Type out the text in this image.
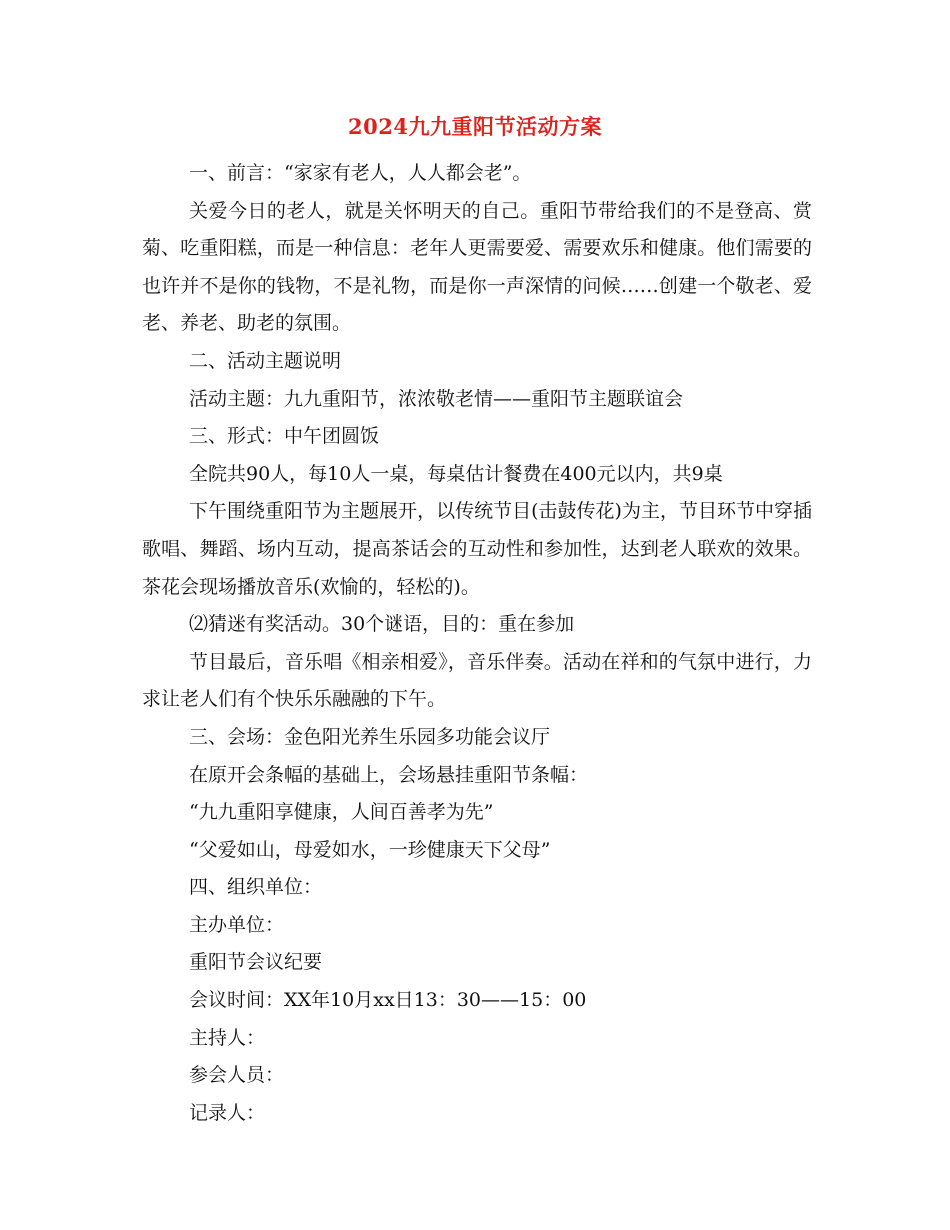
2024九九重阳节活动方案

一、前言：“家家有老人，人人都会老”。

关爱今日的老人，就是关怀明天的自己。重阳节带给我们的不是登高、赏菊、吃重阳糕，而是一种信息：老年人更需要爱、需要欢乐和健康。他们需要的也许并不是你的钱物，不是礼物，而是你一声深情的问候……创建一个敬老、爱老、养老、助老的氛围。

二、活动主题说明

活动主题：九九重阳节，浓浓敬老情——重阳节主题联谊会

三、形式：中午团圆饭

全院共90人，每10人一桌，每桌估计餐费在400元以内，共9桌

下午围绕重阳节为主题展开，以传统节目(击鼓传花)为主，节目环节中穿插歌唱、舞蹈、场内互动，提高茶话会的互动性和参加性，达到老人联欢的效果。茶花会现场播放音乐(欢愉的，轻松的)。

⑵猜迷有奖活动。30个谜语，目的：重在参加

节目最后，音乐唱《相亲相爱》，音乐伴奏。活动在祥和的气氛中进行，力求让老人们有个快乐乐融融的下午。

三、会场：金色阳光养生乐园多功能会议厅

在原开会条幅的基础上，会场悬挂重阳节条幅：

“九九重阳享健康，人间百善孝为先”

“父爱如山，母爱如水，一珍健康天下父母”

四、组织单位：

主办单位：

重阳节会议纪要

会议时间：XX年10月xx日13：30——15：00

主持人：

参会人员：

记录人：
